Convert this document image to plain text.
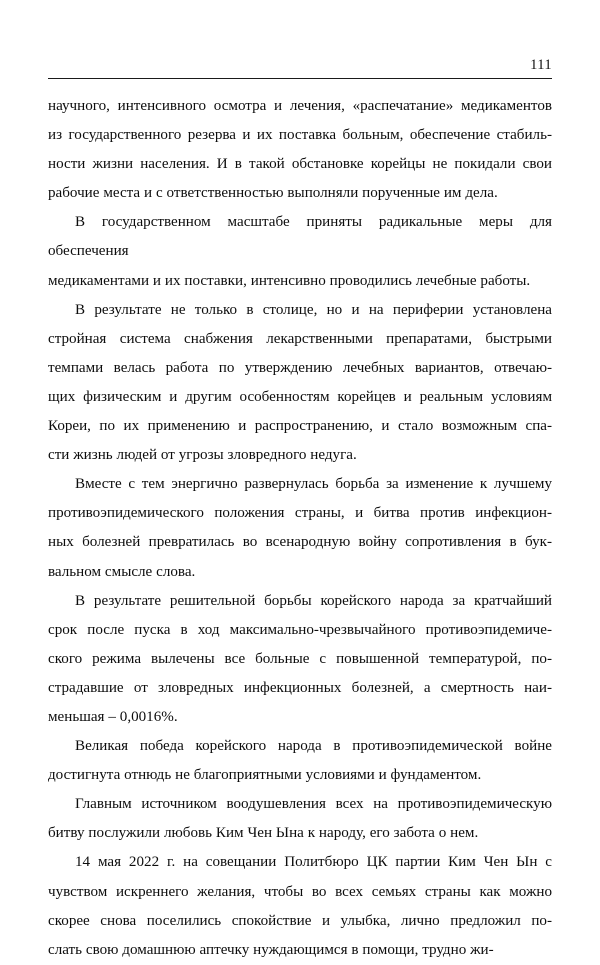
111

научного, интенсивного осмотра и лечения, «распечатание» медикаментов
из государственного резерва и их поставка больным, обеспечение стабиль-
ности жизни населения. И в такой обстановке корейцы не покидали свои
рабочие места и с ответственностью выполняли порученные им дела.

В государственном масштабе приняты радикальные меры для обеспечения
медикаментами и их поставки, интенсивно проводились лечебные работы.

В результате не только в столице, но и на периферии установлена
стройная система снабжения лекарственными препаратами, быстрыми
темпами велась работа по утверждению лечебных вариантов, отвечаю-
щих физическим и другим особенностям корейцев и реальным условиям
Кореи, по их применению и распространению, и стало возможным спа-
сти жизнь людей от угрозы зловредного недуга.

Вместе с тем энергично развернулась борьба за изменение к лучшему
противоэпидемического положения страны, и битва против инфекцион-
ных болезней превратилась во всенародную войну сопротивления в бук-
вальном смысле слова.

В результате решительной борьбы корейского народа за кратчайший
срок после пуска в ход максимально-чрезвычайного противоэпидемиче-
ского режима вылечены все больные с повышенной температурой, по-
страдавшие от зловредных инфекционных болезней, а смертность наи-
меньшая – 0,0016%.

Великая победа корейского народа в противоэпидемической войне
достигнута отнюдь не благоприятными условиями и фундаментом.

Главным источником воодушевления всех на противоэпидемическую
битву послужили любовь Ким Чен Ына к народу, его забота о нем.

14 мая 2022 г. на совещании Политбюро ЦК партии Ким Чен Ын с
чувством искреннего желания, чтобы во всех семьях страны как можно
скорее снова поселились спокойствие и улыбка, лично предложил по-
слать свою домашнюю аптечку нуждающимся в помощи, трудно жи-
